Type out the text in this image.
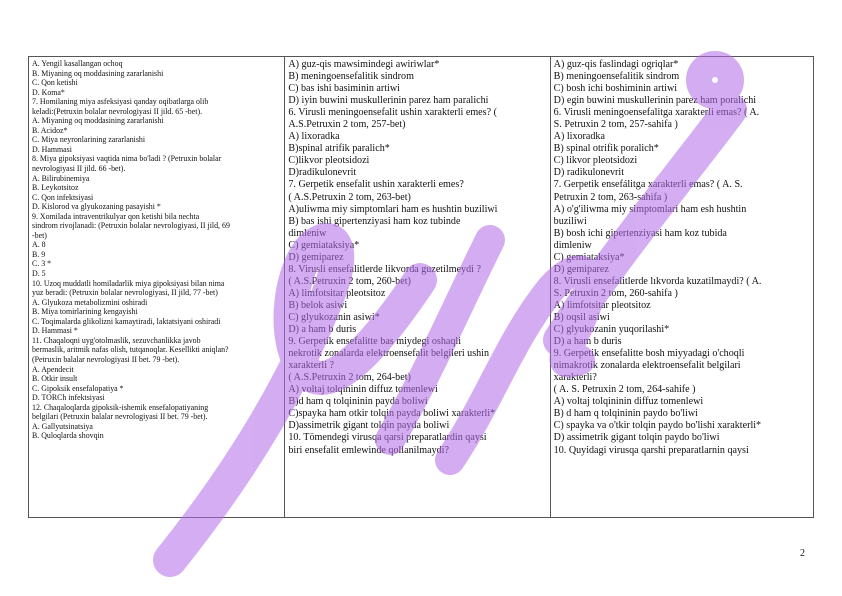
A. Yengil kasallangan ochoq
B. Miyaning oq moddasining zararlanishi
C. Qon ketishi
D. Koma*
7. Homilaning miya asfeksiyasi qanday oqibatlarga olib
keladi:(Petruxin bolalar nevrologiyasi II jild. 65 -bet).
A. Miyaning oq moddasining zararlanishi
B. Acidoz*
C. Miya neyronlarining zararlanishi
D. Hammasi
8. Miya gipoksiyasi vaqtida nima bo'ladi ? (Petruxin bolalar
nevrologiyasi II jild. 66 -bet).
A. Bilirubinemiya
B. Leykotsitoz
C. Qon infektsiyasi
D. Kislorod va glyukozaning pasayishi *
9. Xomilada intraventrikulyar qon ketishi bila nechta
sindrom rivojlanadi: (Petruxin bolalar nevrologiyasi, II jild, 69
-bet)
A. 8
B. 9
C. 3 *
D. 5
10. Uzoq muddatli homiladarlik miya gipoksiyasi bilan nima
yuz beradi: (Petruxin bolalar nevrologiyasi, II jild, 77 -bet)
A. Glyukoza metabolizmini oshiradi
B. Miya tomirlarining kengayishi
C. Toqimalarda glikolizni kamaytiradi, laktatsiyani oshiradi
D. Hammasi *
11. Chaqaloqni uyg'otolmaslik, sezuvchanlikka javob
bermaslik, aritmik nafas olish, tutqanoqlar. Kesellikti aniqlan?
(Petruxin balalar nevrologiyasi II bet. 79 -bet).
A. Apendecit
B. Otkir insult
C. Gipoksik ensefalopatiya *
D. TORCh infektsiyasi
12. Chaqaloqlarda gipoksik-ishemik ensefalopatiyaning
belgilari (Petruxin balalar nevrologiyasi II bet. 79 -bet).
A. Gallyutsinatsiya
B. Quloqlarda shovqin
A) guz-qis mawsimindegi awiriwlar*
B) meningoensefalitik sindrom
C) bas ishi basiminin artiwi
D) iyin buwini muskullerinin parez ham paralichi
6. Virusli meningoensefalit ushin xarakterli emes? (
A.S.Petruxin 2 tom, 257-bet)
A) lixoradka
B)spinal atrifik paralich*
C)likvor pleotsidozi
D)radikulonevrit
7. Gerpetik ensefalit ushin xarakterli emes?
( A.S.Petruxin 2 tom, 263-bet)
A)uliwma miy simptomlari ham es hushtin buziliwi
B) bas ishi gipertenziyasi ham koz tubinde
dimleniw
C) gemiataksiya*
D) gemiparez
8. Virusli ensefalitlerde likvorda guzetilmeydi ?
( A.S.Petruxin 2 tom, 260-bet)
A) limfotsitar pleotsitoz
B) belok asiwi
C) glyukozanin asiwi*
D) a ham b duris
9. Gerpetik ensefalitte bas miydegi oshaqli
nekrotik zonalarda elektroensefalit belgileri ushin
xarakterli ?
( A.S.Petruxin 2 tom, 264-bet)
A) voltaj tolqininin diffuz tomenlewi
B)d ham q tolqininin payda boliwi
C)spayka ham otkir tolqin payda boliwi xarakterli*
D)assimetrik gigant tolqin payda boliwi
10. Tömendegi virusqa qarsi preparatlardin qaysi
biri ensefalit emlewinde qollanilmaydi?
A) guz-qis faslindagi ogriqlar*
B) meningoensefalitik sindrom
C) bosh ichi boshiminin artiwi
D) egin buwini muskullerinin parez ham poralichi
6. Virusli meningoensefalitga xarakterli emas? ( A.
S. Petruxin 2 tom, 257-sahifa )
A) lixoradka
B) spinal otrifik poralich*
C) likvor pleotsidozi
D) radikulonevrit
7. Gerpetik ensefálitga xarakterli emas? ( A. S.
Petruxin 2 tom, 263-sahifa )
A) o'g'iliwma miy simptomlari ham esh hushtin
buziliwi
B) bosh ichi gipertenziyasi ham koz tubida
dimleniw
C) gemiataksiya*
D) gemiparez
8. Virusli ensefalitlerde lıkvorda kuzatilmaydi? ( A.
S. Petruxin 2 tom, 260-sahifa )
A) limfotsitar pleotsitoz
B) oqsil asiwi
C) glyukozanin yuqorilashi*
D) a ham b duris
9. Gerpetik ensefalitte bosh miyyadagi o'choqli
nimakrotik zonalarda elektroensefalit belgilari
xarakterli?
( A. S. Petruxin 2 tom, 264-sahife )
A) voltaj tolqininin diffuz tomenlewi
B) d ham q tolqininin paydo bo'liwi
C) spayka va o'tkir tolqin paydo bo'lishi xarakterli*
D) assimetrik gigant tolqin paydo bo'liwi
10. Quyidagi virusqa qarshi preparatlarnin qaysi
2
